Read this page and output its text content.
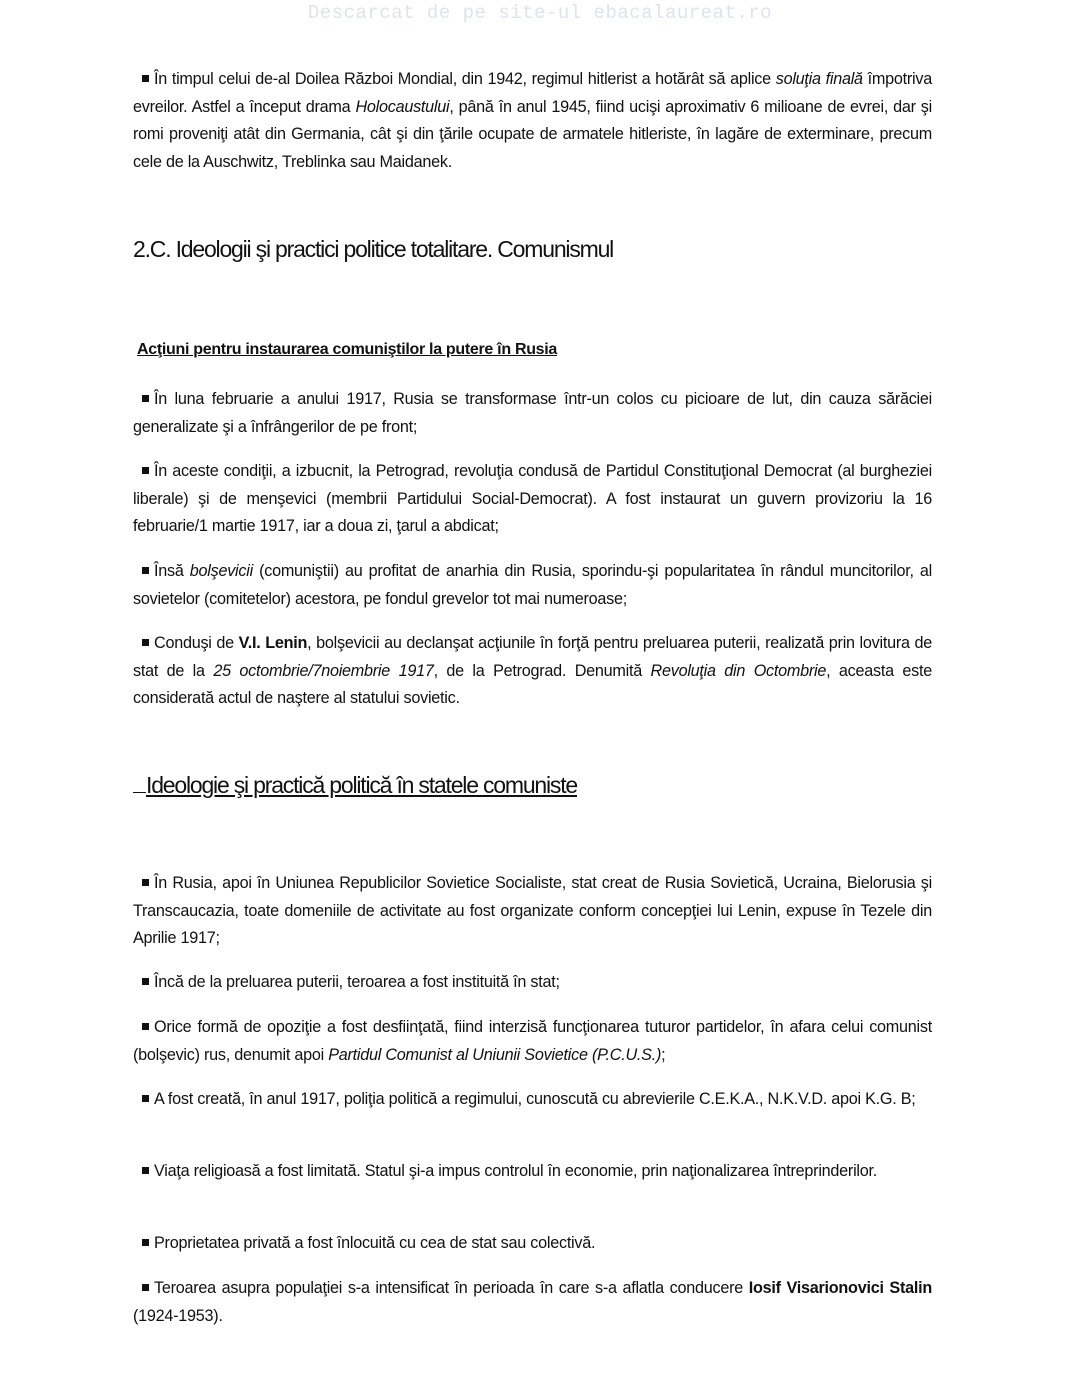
Descarcat de pe site-ul ebacalaureat.ro

În timpul celui de-al Doilea Război Mondial, din 1942, regimul hitlerist a hotărât să aplice soluţia finală împotriva evreilor. Astfel a început drama Holocaustului, până în anul 1945, fiind ucişi aproximativ 6 milioane de evrei, dar şi romi proveniţi atât din Germania, cât şi din ţările ocupate de armatele hitleriste, în lagăre de exterminare, precum cele de la Auschwitz, Treblinka sau Maidanek.

2.C. Ideologii şi practici politice totalitare. Comunismul
Acţiuni pentru instaurarea comuniştilor la putere în Rusia

În luna februarie a anului 1917, Rusia se transformase într-un colos cu picioare de lut, din cauza sărăciei generalizate şi a înfrângerilor de pe front;

În aceste condiţii, a izbucnit, la Petrograd, revoluţia condusă de Partidul Constituţional Democrat (al burgheziei liberale) şi de menşevici (membrii Partidului Social-Democrat). A fost instaurat un guvern provizoriu la 16 februarie/1 martie 1917, iar a doua zi, ţarul a abdicat;

Însă bolşevicii (comuniştii) au profitat de anarhia din Rusia, sporindu-şi popularitatea în rândul muncitorilor, al sovietelor (comitetelor) acestora, pe fondul grevelor tot mai numeroase;

Conduşi de V.I. Lenin, bolşevicii au declanşat acţiunile în forţă pentru preluarea puterii, realizată prin lovitura de stat de la 25 octombrie/7noiembrie 1917, de la Petrograd. Denumită Revoluţia din Octombrie, aceasta este considerată actul de naştere al statului sovietic.

Ideologie şi practică politică în statele comuniste

În Rusia, apoi în Uniunea Republicilor Sovietice Socialiste, stat creat de Rusia Sovietică, Ucraina, Bielorusia şi Transcaucazia, toate domeniile de activitate au fost organizate conform concepţiei lui Lenin, expuse în Tezele din Aprilie 1917;

Încă de la preluarea puterii, teroarea a fost instituită în stat;

Orice formă de opoziţie a fost desfiinţată, fiind interzisă funcţionarea tuturor partidelor, în afara celui comunist (bolşevic) rus, denumit apoi Partidul Comunist al Uniunii Sovietice (P.C.U.S.);

A fost creată, în anul 1917, poliţia politică a regimului, cunoscută cu abrevierile C.E.K.A., N.K.V.D. apoi K.G. B;

Viaţa religioasă a fost limitată. Statul şi-a impus controlul în economie, prin naţionalizarea întreprinderilor.

Proprietatea privată a fost înlocuită cu cea de stat sau colectivă.

Teroarea asupra populaţiei s-a intensificat în perioada în care s-a aflatla conducere Iosif Visarionovici Stalin (1924-1953).
